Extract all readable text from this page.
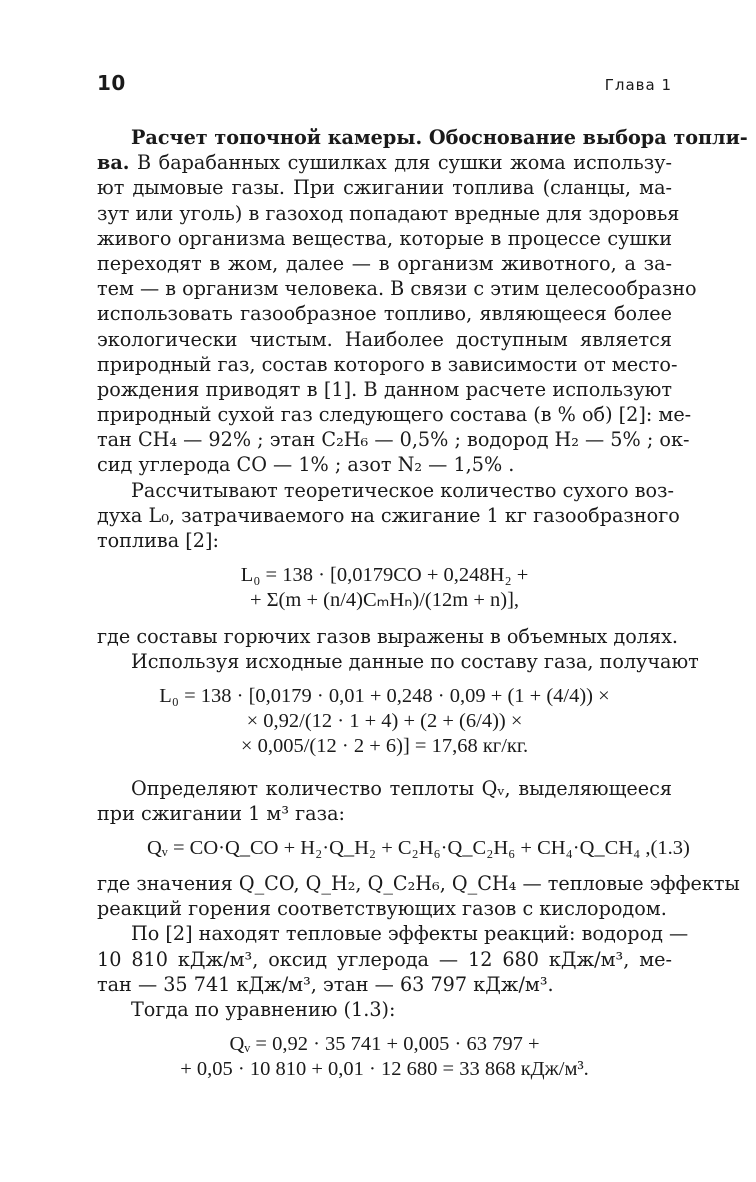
10	Глава 1
Расчет топочной камеры. Обоснование выбора топли-
ва. В барабанных сушилках для сушки жома использу-
ют дымовые газы. При сжигании топлива (сланцы, ма-
зут или уголь) в газоход попадают вредные для здоровья
живого организма вещества, которые в процессе сушки
переходят в жом, далее — в организм животного, а за-
тем — в организм человека. В связи с этим целесообразно
использовать газообразное топливо, являющееся более
экологически чистым. Наиболее доступным является
природный газ, состав которого в зависимости от место-
рождения приводят в [1]. В данном расчете используют
природный сухой газ следующего состава (в % об) [2]: ме-
тан CH₄ — 92% ; этан C₂H₆ — 0,5% ; водород H₂ — 5% ; ок-
сид углерода CO — 1% ; азот N₂ — 1,5% .
Рассчитывают теоретическое количество сухого воз-
духа L₀, затрачиваемого на сжигание 1 кг газообразного
топлива [2]:
L₀ = 138 · [0,0179CO + 0,248H₂ +
+ Σ(m + (n/4)CₘHₙ)/(12m + n)],
где составы горючих газов выражены в объемных долях.
Используя исходные данные по составу газа, получают
L₀ = 138 · [0,0179 · 0,01 + 0,248 · 0,09 + (1 + (4/4)) ×
× 0,92/(12 · 1 + 4) + (2 + (6/4)) ×
× 0,005/(12 · 2 + 6)] = 17,68 кг/кг.
Определяют количество теплоты Qᵥ, выделяющееся
при сжигании 1 м³ газа:
Qᵥ = CO·Q_CO + H₂·Q_H₂ + C₂H₆·Q_C₂H₆ + CH₄·Q_CH₄ , (1.3)
где значения Q_CO, Q_H₂, Q_C₂H₆, Q_CH₄ — тепловые эффекты
реакций горения соответствующих газов с кислородом.
По [2] находят тепловые эффекты реакций: водород —
10 810 кДж/м³, оксид углерода — 12 680 кДж/м³, ме-
тан — 35 741 кДж/м³, этан — 63 797 кДж/м³.
Тогда по уравнению (1.3):
Qᵥ = 0,92 · 35 741 + 0,005 · 63 797 +
+ 0,05 · 10 810 + 0,01 · 12 680 = 33 868 кДж/м³.
